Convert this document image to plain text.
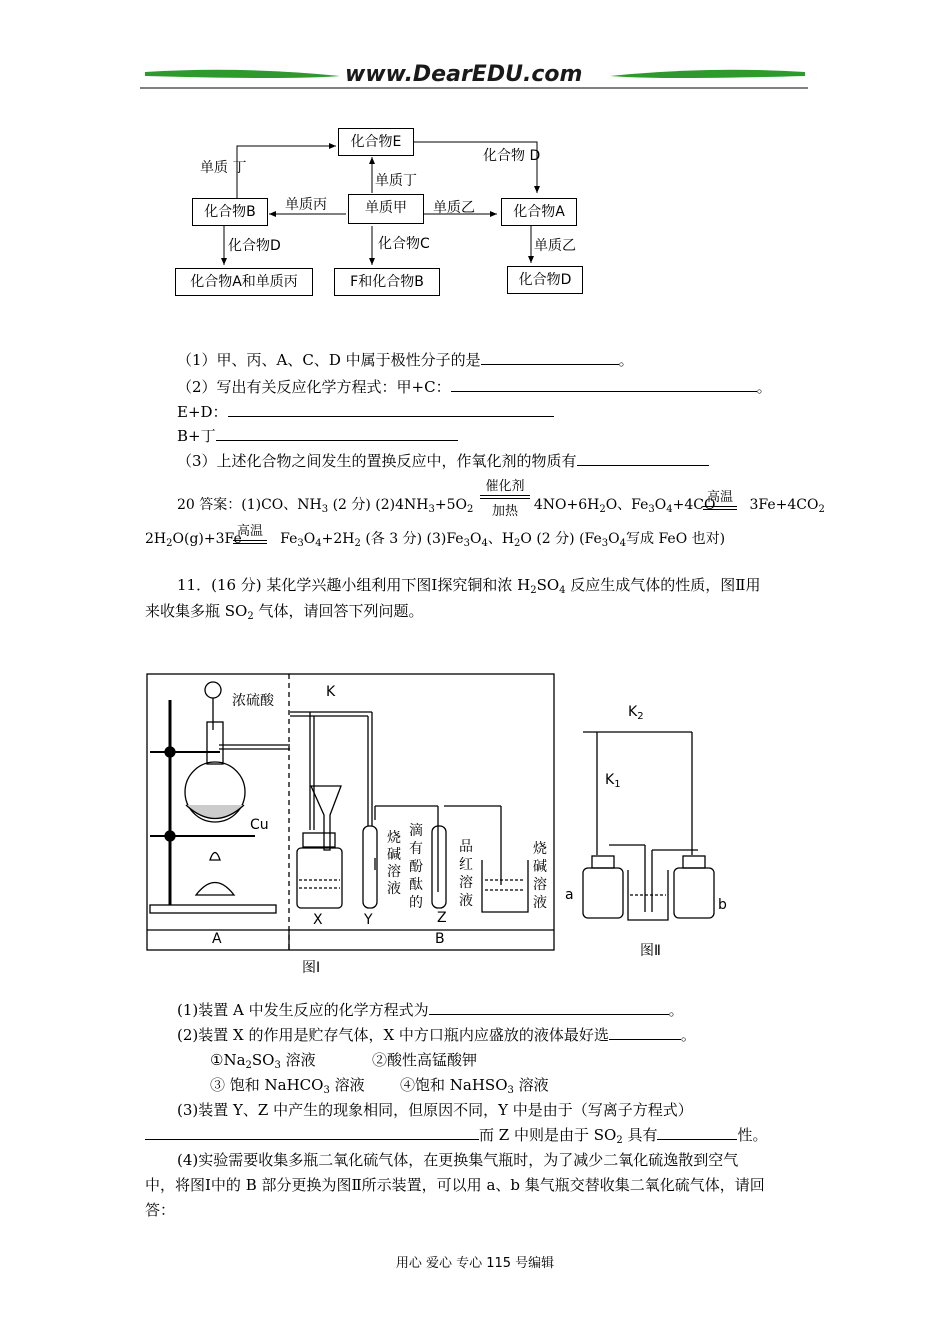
www.DearEDU.com
化合物E
化合物B	单质甲	化合物A
化合物A和单质丙	F和化合物B	化合物D
单质 丁
化合物 D
单质丁
单质丙	单质乙
化合物D	化合物C	单质乙
（1）甲、丙、A、C、D 中属于极性分子的是	。
（2）写出有关反应化学方程式：甲+C：	。
E+D：
B+丁
（3）上述化合物之间发生的置换反应中，作氧化剂的物质有
20 答案：(1)CO、$NH_3$ (2 分) $(2)4NH_3+5O_2$	$4NO+6H_2O$、$Fe_3O_4+4CO$ $3Fe+4CO_2$
催化剂
加热
高温
$2H_2O(g)+3Fe$ $Fe_3O_4+2H_2$ (各 3 分) $(3)Fe_3O_4$、$H_2O$ (2 分) ($Fe_3O_4$写成 FeO 也对)
高温
11．(16 分) 某化学兴趣小组利用下图Ⅰ探究铜和浓 $H_2SO_4$ 反应生成气体的性质，图Ⅱ用
来收集多瓶 $SO_2$ 气体，请回答下列问题。
浓硫酸
K
Cu
X	Y	Z
烧碱溶液
滴有酚酞的
品红溶液
烧碱溶液
A	B
图Ⅰ
$K_2$
$K_1$
a
b
图Ⅱ
(1)装置 A 中发生反应的化学方程式为	。
(2)装置 X 的作用是贮存气体，X 中方口瓶内应盛放的液体最好选	。
$①Na_2SO_3$ 溶液	②酸性高锰酸钾
③ 饱和 NaHCO$_3$ 溶液 ④饱和 NaHSO$_3$ 溶液
(3)装置 Y、Z 中产生的现象相同，但原因不同，Y 中是由于（写离子方程式）
而 Z 中则是由于 $SO_2$ 具有	性。
(4)实验需要收集多瓶二氧化硫气体，在更换集气瓶时，为了减少二氧化硫逸散到空气
中，将图Ⅰ中的 B 部分更换为图Ⅱ所示装置，可以用 a、b 集气瓶交替收集二氧化硫气体，请回
答：
用心 爱心 专心 115 号编辑
